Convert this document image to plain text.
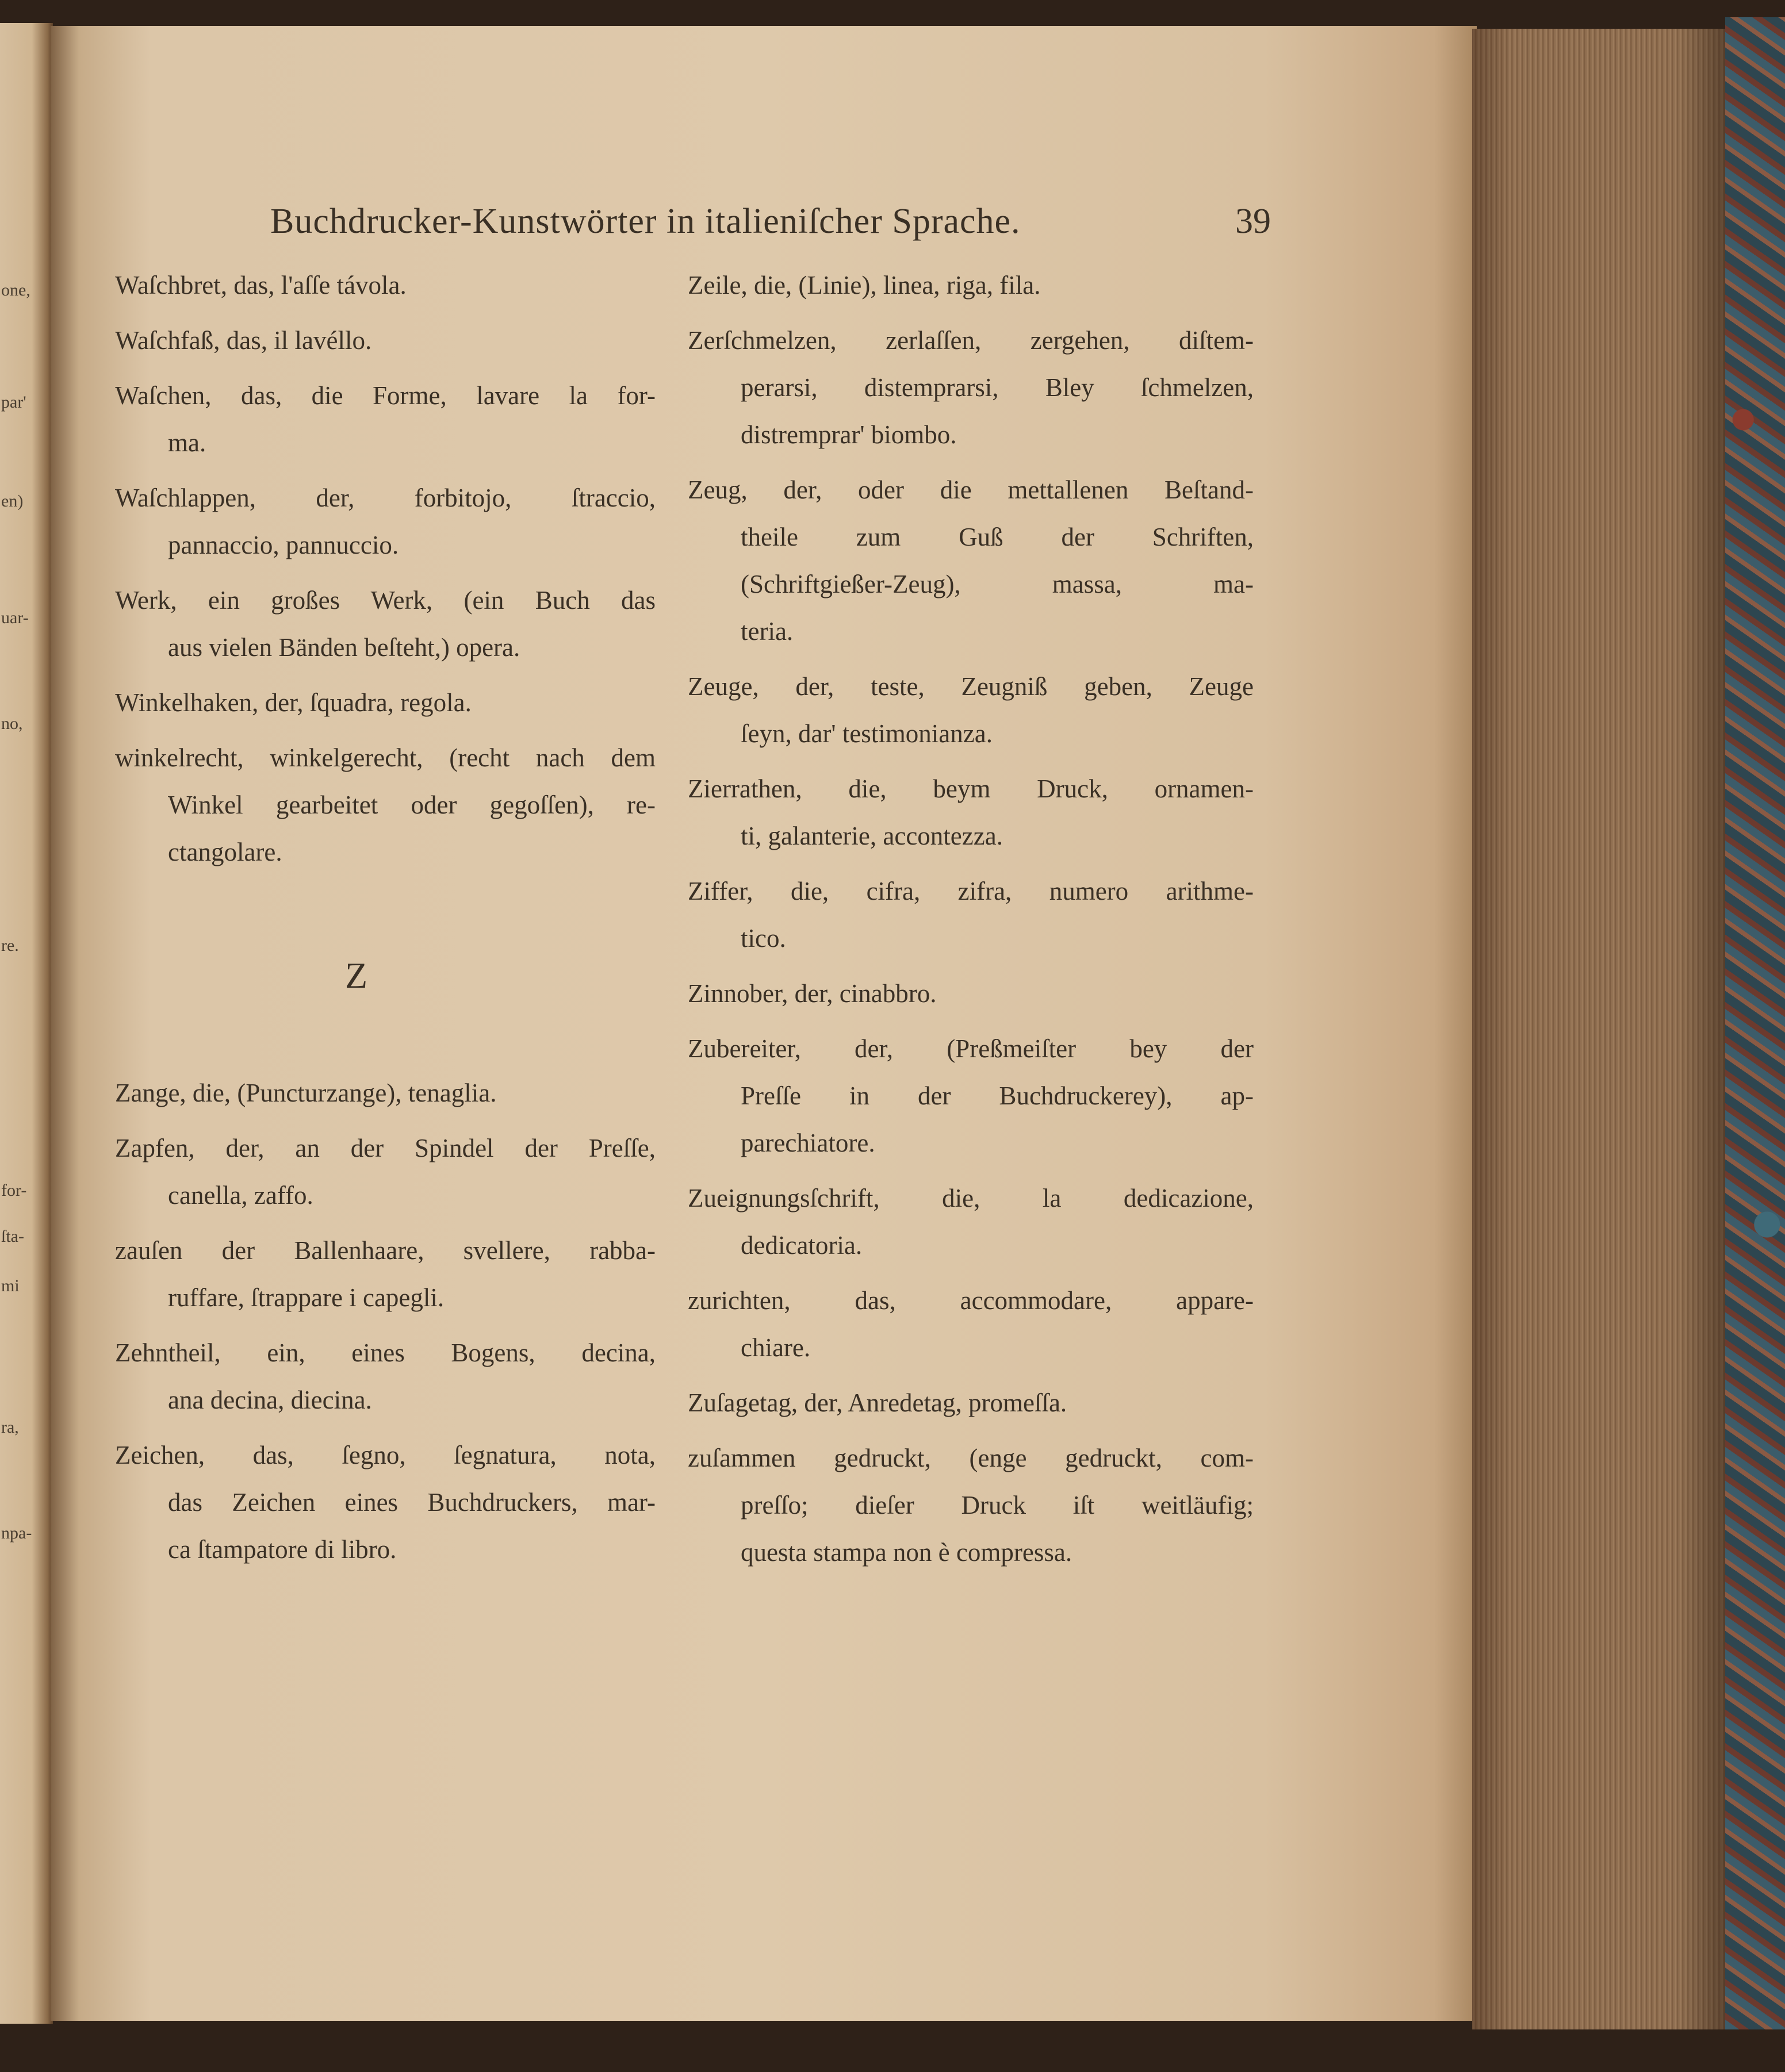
one,
par'
en)
uar-
no,
re.
for-
ſta-
mi
ra,
npa-
Buchdrucker-Kunstwörter in italieniſcher Sprache.	39
Waſchbret, das, l'aſſe távola.
Waſchfaß, das, il lavéllo.
Waſchen, das, die Forme, lavare la for-
ma.
Waſchlappen, der, forbitojo, ſtraccio,
pannaccio, pannuccio.
Werk, ein großes Werk, (ein Buch das
aus vielen Bänden beſteht,) opera.
Winkelhaken, der, ſquadra, regola.
winkelrecht, winkelgerecht, (recht nach dem
Winkel gearbeitet oder gegoſſen), re-
ctangolare.
Z
Zange, die, (Puncturzange), tenaglia.
Zapfen, der, an der Spindel der Preſſe,
canella, zaffo.
zauſen der Ballenhaare, svellere, rabba-
ruffare, ſtrappare i capegli.
Zehntheil, ein, eines Bogens, decina,
ana decina, diecina.
Zeichen, das, ſegno, ſegnatura, nota,
das Zeichen eines Buchdruckers, mar-
ca ſtampatore di libro.
Zeile, die, (Linie), linea, riga, fila.
Zerſchmelzen, zerlaſſen, zergehen, diſtem-
perarsi, distemprarsi, Bley ſchmelzen,
distremprar' biombo.
Zeug, der, oder die mettallenen Beſtand-
theile zum Guß der Schriften,
(Schriftgießer-Zeug), massa, ma-
teria.
Zeuge, der, teste, Zeugniß geben, Zeuge
ſeyn, dar' testimonianza.
Zierrathen, die, beym Druck, ornamen-
ti, galanterie, accontezza.
Ziffer, die, cifra, zifra, numero arithme-
tico.
Zinnober, der, cinabbro.
Zubereiter, der, (Preßmeiſter bey der
Preſſe in der Buchdruckerey), ap-
parechiatore.
Zueignungsſchrift, die, la dedicazione,
dedicatoria.
zurichten, das, accommodare, appare-
chiare.
Zuſagetag, der, Anredetag, promeſſa.
zuſammen gedruckt, (enge gedruckt, com-
preſſo; dieſer Druck iſt weitläufig;
questa stampa non è compressa.
